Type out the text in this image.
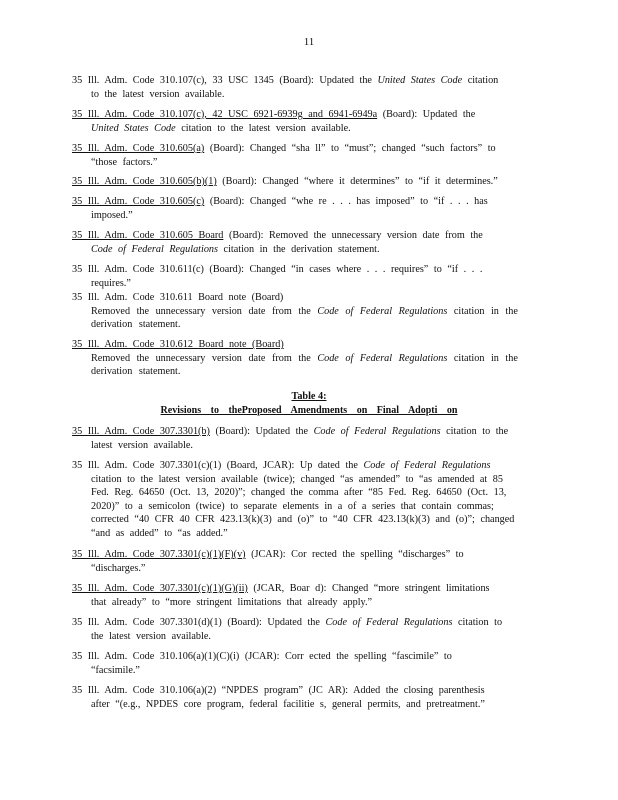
11
35 Ill. Adm. Code 310.107(c), 33 USC 1345 (Board): Updated the United States Code citation
to the latest version available.
35 Ill. Adm. Code 310.107(c), 42 USC 6921-6939g and 6941-6949a (Board): Updated the
United States Code citation to the latest version available.
35 Ill. Adm. Code 310.605(a) (Board): Changed “sha ll” to “must”; changed “such factors” to
“those factors.”
35 Ill. Adm. Code 310.605(b)(1) (Board): Changed “where it determines” to “if it determines.”
35 Ill. Adm. Code 310.605(c) (Board): Changed “whe re . . . has imposed” to “if . . . has
imposed.”
35 Ill. Adm. Code 310.605 Board (Board): Removed the unnecessary version date from the
Code of Federal Regulations citation in the derivation statement.
35 Ill. Adm. Code 310.611(c) (Board): Changed “in cases where . . . requires” to “if . . .
requires.”
35 Ill. Adm. Code 310.611 Board note (Board)
Removed the unnecessary version date from the Code of Federal Regulations citation in the
derivation statement.
35 Ill. Adm. Code 310.612 Board note (Board)
Removed the unnecessary version date from the Code of Federal Regulations citation in the
derivation statement.
Table 4:
Revisions to theProposed Amendments on Final Adopti on
35 Ill. Adm. Code 307.3301(b) (Board): Updated the Code of Federal Regulations citation to the
latest version available.
35 Ill. Adm. Code 307.3301(c)(1) (Board, JCAR): Up dated the Code of Federal Regulations
citation to the latest version available (twice); changed “as amended” to “as amended at 85
Fed. Reg. 64650 (Oct. 13, 2020)”; changed the comma after “85 Fed. Reg. 64650 (Oct. 13,
2020)” to a semicolon (twice) to separate elements in a of a series that contain commas;
corrected “40 CFR 40 CFR 423.13(k)(3) and (o)” to “40 CFR 423.13(k)(3) and (o)”; changed
“and as added” to “as added.”
35 Ill. Adm. Code 307.3301(c)(1)(F)(v) (JCAR): Cor rected the spelling “discharges” to
“discharges.”
35 Ill. Adm. Code 307.3301(c)(1)(G)(ii) (JCAR, Boar d): Changed “more stringent limitations
that already” to “more stringent limitations that already apply.”
35 Ill. Adm. Code 307.3301(d)(1) (Board): Updated the Code of Federal Regulations citation to
the latest version available.
35 Ill. Adm. Code 310.106(a)(1)(C)(i) (JCAR): Corr ected the spelling “fascimile” to
“facsimile.”
35 Ill. Adm. Code 310.106(a)(2) “NPDES program” (JC AR): Added the closing parenthesis
after “(e.g., NPDES core program, federal facilitie s, general permits, and pretreatment.”
